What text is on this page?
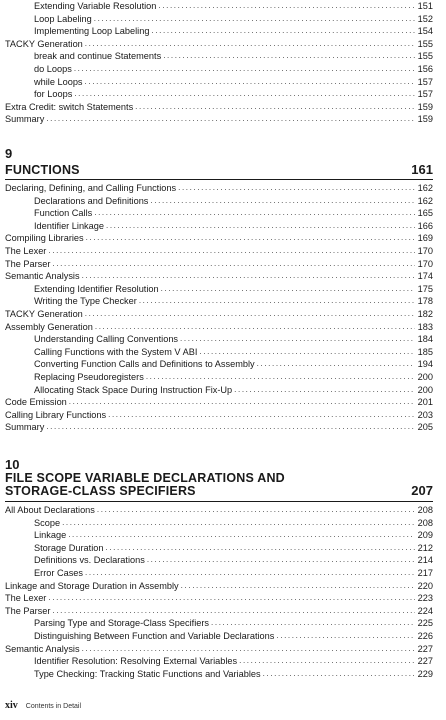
Extending Variable Resolution . . .	151
Loop Labeling . . .	152
Implementing Loop Labeling . . .	154
TACKY Generation . . .	155
break and continue Statements . . .	155
do Loops . . .	156
while Loops . . .	157
for Loops . . .	157
Extra Credit: switch Statements . . .	159
Summary . . .	159
9
FUNCTIONS	161
Declaring, Defining, and Calling Functions . . .	162
Declarations and Definitions . . .	162
Function Calls . . .	165
Identifier Linkage . . .	166
Compiling Libraries . . .	169
The Lexer . . .	170
The Parser . . .	170
Semantic Analysis . . .	174
Extending Identifier Resolution . . .	175
Writing the Type Checker . . .	178
TACKY Generation . . .	182
Assembly Generation . . .	183
Understanding Calling Conventions . . .	184
Calling Functions with the System V ABI . . .	185
Converting Function Calls and Definitions to Assembly . . .	194
Replacing Pseudoregisters . . .	200
Allocating Stack Space During Instruction Fix-Up . . .	200
Code Emission . . .	201
Calling Library Functions . . .	203
Summary . . .	205
10
FILE SCOPE VARIABLE DECLARATIONS AND
STORAGE-CLASS SPECIFIERS	207
All About Declarations . . .	208
Scope . . .	208
Linkage . . .	209
Storage Duration . . .	212
Definitions vs. Declarations . . .	214
Error Cases . . .	217
Linkage and Storage Duration in Assembly . . .	220
The Lexer . . .	223
The Parser . . .	224
Parsing Type and Storage-Class Specifiers . . .	225
Distinguishing Between Function and Variable Declarations . . .	226
Semantic Analysis . . .	227
Identifier Resolution: Resolving External Variables . . .	227
Type Checking: Tracking Static Functions and Variables . . .	229
xiv Contents in Detail
